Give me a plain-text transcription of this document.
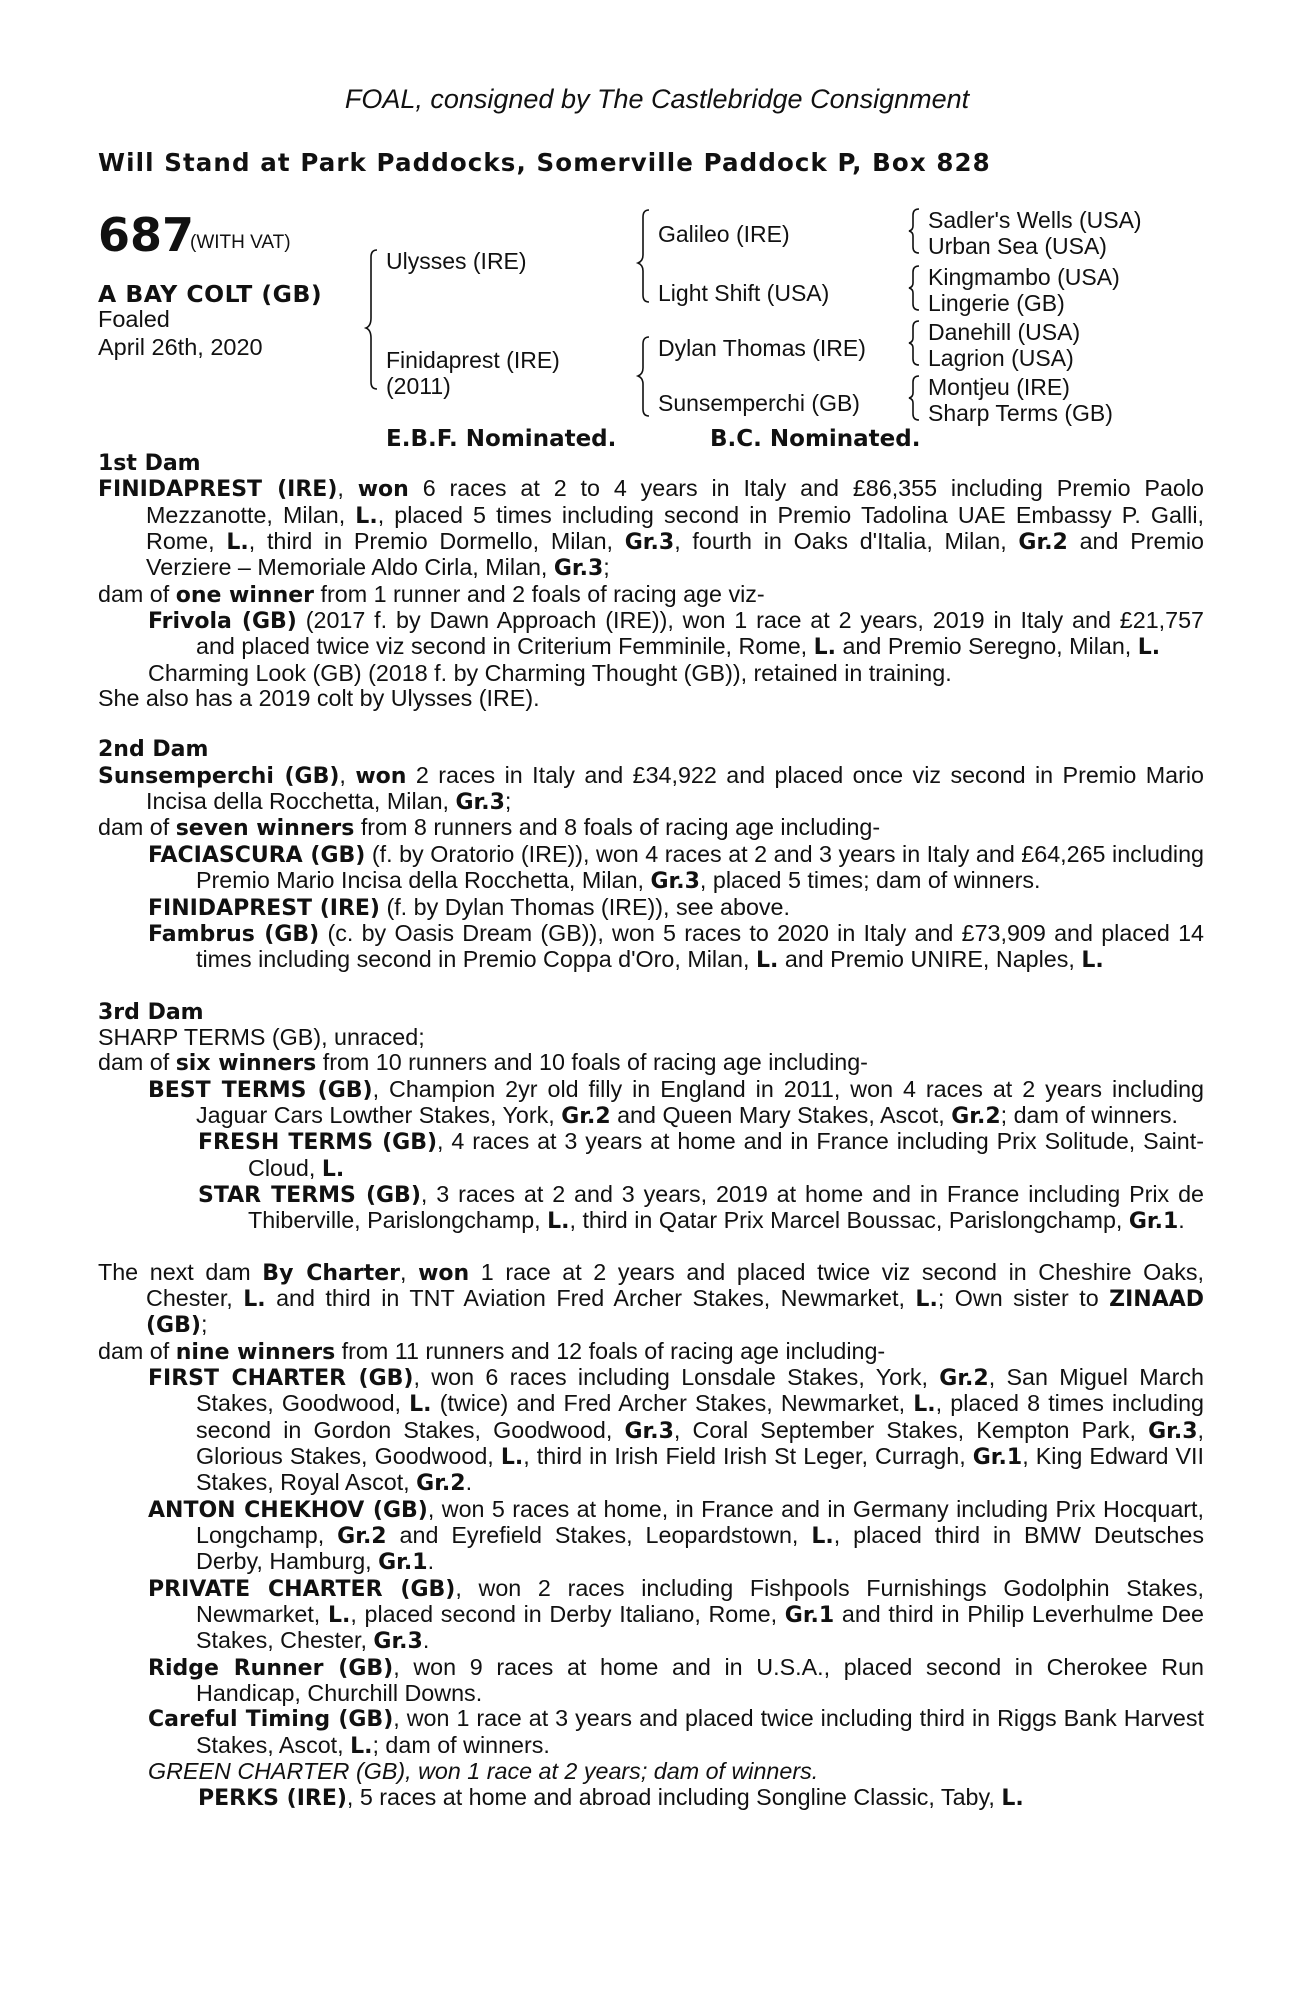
FOAL, consigned by The Castlebridge Consignment
Will Stand at Park Paddocks, Somerville Paddock P, Box 828
687
(WITH VAT)
A BAY COLT (GB)
Foaled
April 26th, 2020
Ulysses (IRE)
Finidaprest (IRE)
(2011)
Galileo (IRE)
Light Shift (USA)
Dylan Thomas (IRE)
Sunsemperchi (GB)
Sadler's Wells (USA)
Urban Sea (USA)
Kingmambo (USA)
Lingerie (GB)
Danehill (USA)
Lagrion (USA)
Montjeu (IRE)
Sharp Terms (GB)
E.B.F. Nominated.	B.C. Nominated.

1st Dam

FINIDAPREST (IRE), won 6 races at 2 to 4 years in Italy and £86,355 including Premio Paolo Mezzanotte, Milan, L., placed 5 times including second in Premio Tadolina UAE Embassy P. Galli, Rome, L., third in Premio Dormello, Milan, Gr.3, fourth in Oaks d'Italia, Milan, Gr.2 and Premio Verziere – Memoriale Aldo Cirla, Milan, Gr.3;

dam of one winner from 1 runner and 2 foals of racing age viz-

Frivola (GB) (2017 f. by Dawn Approach (IRE)), won 1 race at 2 years, 2019 in Italy and £21,757 and placed twice viz second in Criterium Femminile, Rome, L. and Premio Seregno, Milan, L.

Charming Look (GB) (2018 f. by Charming Thought (GB)), retained in training.

She also has a 2019 colt by Ulysses (IRE).

2nd Dam

Sunsemperchi (GB), won 2 races in Italy and £34,922 and placed once viz second in Premio Mario Incisa della Rocchetta, Milan, Gr.3;

dam of seven winners from 8 runners and 8 foals of racing age including-

FACIASCURA (GB) (f. by Oratorio (IRE)), won 4 races at 2 and 3 years in Italy and £64,265 including Premio Mario Incisa della Rocchetta, Milan, Gr.3, placed 5 times; dam of winners.

FINIDAPREST (IRE) (f. by Dylan Thomas (IRE)), see above.

Fambrus (GB) (c. by Oasis Dream (GB)), won 5 races to 2020 in Italy and £73,909 and placed 14 times including second in Premio Coppa d'Oro, Milan, L. and Premio UNIRE, Naples, L.

3rd Dam

SHARP TERMS (GB), unraced;

dam of six winners from 10 runners and 10 foals of racing age including-

BEST TERMS (GB), Champion 2yr old filly in England in 2011, won 4 races at 2 years including Jaguar Cars Lowther Stakes, York, Gr.2 and Queen Mary Stakes, Ascot, Gr.2; dam of winners.

FRESH TERMS (GB), 4 races at 3 years at home and in France including Prix Solitude, Saint-Cloud, L.

STAR TERMS (GB), 3 races at 2 and 3 years, 2019 at home and in France including Prix de Thiberville, Parislongchamp, L., third in Qatar Prix Marcel Boussac, Parislongchamp, Gr.1.

The next dam By Charter, won 1 race at 2 years and placed twice viz second in Cheshire Oaks, Chester, L. and third in TNT Aviation Fred Archer Stakes, Newmarket, L.; Own sister to ZINAAD (GB);

dam of nine winners from 11 runners and 12 foals of racing age including-

FIRST CHARTER (GB), won 6 races including Lonsdale Stakes, York, Gr.2, San Miguel March Stakes, Goodwood, L. (twice) and Fred Archer Stakes, Newmarket, L., placed 8 times including second in Gordon Stakes, Goodwood, Gr.3, Coral September Stakes, Kempton Park, Gr.3, Glorious Stakes, Goodwood, L., third in Irish Field Irish St Leger, Curragh, Gr.1, King Edward VII Stakes, Royal Ascot, Gr.2.

ANTON CHEKHOV (GB), won 5 races at home, in France and in Germany including Prix Hocquart, Longchamp, Gr.2 and Eyrefield Stakes, Leopardstown, L., placed third in BMW Deutsches Derby, Hamburg, Gr.1.

PRIVATE CHARTER (GB), won 2 races including Fishpools Furnishings Godolphin Stakes, Newmarket, L., placed second in Derby Italiano, Rome, Gr.1 and third in Philip Leverhulme Dee Stakes, Chester, Gr.3.

Ridge Runner (GB), won 9 races at home and in U.S.A., placed second in Cherokee Run Handicap, Churchill Downs.

Careful Timing (GB), won 1 race at 3 years and placed twice including third in Riggs Bank Harvest Stakes, Ascot, L.; dam of winners.

GREEN CHARTER (GB), won 1 race at 2 years; dam of winners.

PERKS (IRE), 5 races at home and abroad including Songline Classic, Taby, L.
